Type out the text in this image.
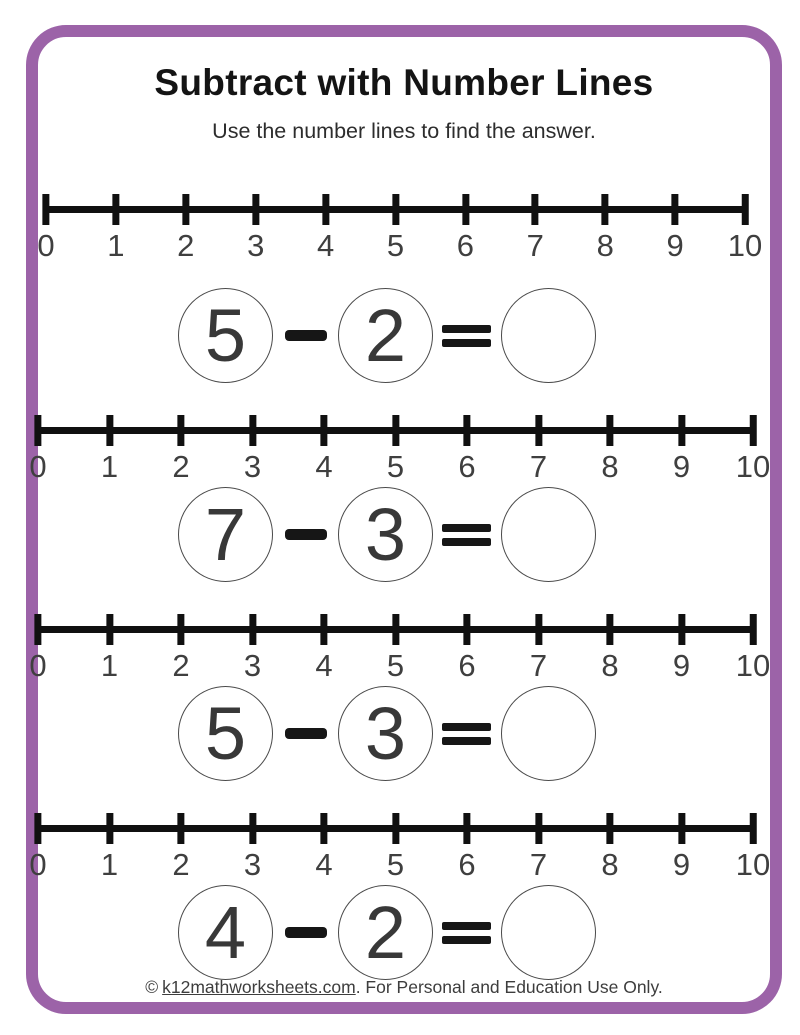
Subtract with Number Lines

Use the number lines to find the answer.

0 1 2 3 4 5 6 7 8 9 10
5 2
0 1 2 3 4 5 6 7 8 9 10
7 3
0 1 2 3 4 5 6 7 8 9 10
5 3
0 1 2 3 4 5 6 7 8 9 10
4 2
© k12mathworksheets.com. For Personal and Education Use Only.
